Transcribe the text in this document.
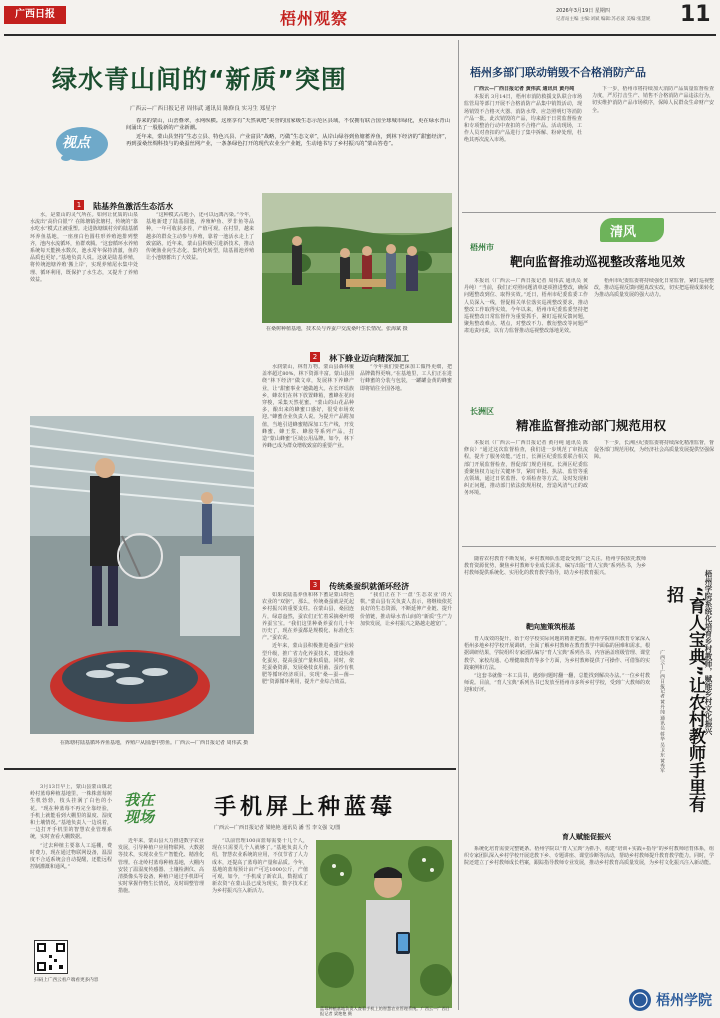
广西日报	梧州观察	2026年3月19日 星期四
记者站主编 主编:刘斌 编辑:苏必波 美编:张慧妮 11
绿水青山间的“新质”突围
广西云—广西日报记者 周伟武 通讯员 陈修良 实习生 郑星宇
视点

春来的蒙山，山峦叠翠，水网纵横。这座享有“天然氧吧”美誉的国家级生态示范区县域，不仅拥有联合国全球城市绿化，更在绿水青山间涌出了一股股新的产业新潮。

近年来，蒙山县坚持“生态立县、特色兴县、产业富县”战略，巧做“生态文章”，从岸山绿谷到鱼塘蓄养鱼，到林下经济的“甜蜜经济”，再到蚕桑丝绸科技与的桑蚕丝网产业，一条条绿色打开的现代农业全产业链，生动地书写了乡村振兴的“蒙山答卷”。

1 陆基养鱼激活生态活水

水，是蒙山的灵气所在。如何让优质的山泉水流出“高价白银”？在陈塘镇张塘村，传统的“靠水吃水”模式正被重塑。走进陈塘镇村旁的陆基循环养鱼基地，一座座白色圆柱形养殖池排列整齐，池内水流循环，鱼群欢腾。“这套循环水养殖系统每天能换水数次，池水常年保持清澈，鱼的品质也更好。”基地负责人说。这就是陆基养殖，将传统池塘养殖‘搬上岸’，实现养殖尾水集中处理、循环利用，既保护了水生态，又提升了养殖效益。

“这种模式占地小，还可以远离污染。”今年，基地新建了陆基圆池，养殖鲈鱼、罗非鱼等品种，一年可收获多茬，产值可观。在村里，越来越多的群众主动参与养殖，靠着一池活水走上了致富路。近年来，蒙山县积极引进新技术，推动传统渔业向生态化、集约化转型，陆基圆池养殖让小池塘蓄出了大效益。

在桑树种植基地，技术员与养蚕户交流桑叶生长情况。张海斌 摄
2 林下蜂业迈向精深加工

水润蒙山，林育万物。蒙山县森林覆盖率超过80%，林下资源丰富。蒙山县围绕“林下经济”做文章，发展林下养蜂产业，让“甜蜜事业”越做越大。在长坪瑶族乡，蜂农们在林下放置蜂箱，蜜蜂在花间穿梭，采集天然花蜜。“蒙山的山花品种多，酿出来的蜂蜜口感好，很受市场欢迎。”蜂蜜企业负责人说。为提升产品附加值，当地引进蜂蜜精深加工生产线，开发蜂蜜、蜂王浆、蜂胶等系列产品，打造“蒙山蜂蜜”区域公用品牌。如今，林下养蜂已成为群众增收致富的重要产业。

“今年我们要把深加工做得更细，把品牌做得更响。”在基地里，工人们正在进行蜂蜜的分装与包装，一罐罐金黄的蜂蜜即将销往全国各地。

在陈塘村陆基循环养鱼基地，养殖户从圆池中捞鱼。广西云—广西日报记者 周伟武 摄
3 传统桑蚕织就循环经济

如果说陆基养鱼和林下蜜是蒙山特色农业的“双驱”，那么，传统桑蚕就是托起乡村振兴的重要支柱。在蒙山县，桑园连片，绿意盎然，蚕农们正忙着采摘桑叶喂养蚕宝宝。“我们这里种桑养蚕有几十年历史了，现在养蚕都是规模化、标准化生产。”蚕农说。

近年来，蒙山县积极推进桑蚕产业转型升级，推广省力化养蚕技术，建设标准化蚕房，提高蚕茧产量和质量。同时，依托蚕桑资源，发展桑枝食用菌、蚕沙有机肥等循环经济项目，实现“桑—蚕—菌—肥”资源循环利用，提升产业综合效益。

“我们正在下一盘‘生态农业’的大棋。”蒙山县有关负责人表示，将继续依托良好的生态资源，不断延伸产业链、提升价值链，推动绿水青山间的“新质”生产力加快发展，让乡村振兴之路越走越宽广。

梧州多部门联动销毁不合格消防产品

广西云—广西日报记者 黄伟武 通讯员 黄丹纯

本报讯 3月14日，梧州市消防救援支队联合市场监管局等部门开展不合格消防产品集中销毁活动，现场销毁不合格灭火器、消防水带、应急照明灯等消防产品一批。此次销毁的产品，均来源于日常监督检查和专项整治行动中查扣的不合格产品。活动现场，工作人员对查扣的产品进行了集中拆解、粉碎处理，杜绝其再次流入市场。

下一步，梧州市将持续加大消防产品质量监督检查力度，严厉打击生产、销售不合格消防产品违法行为，切实维护消防产品市场秩序，保障人民群众生命财产安全。

清风
梧州市
靶向监督推动巡视整改落地见效

本报讯（广西云—广西日报记者 周伟武 通讯员 黄丹纯）“当前，我们正对照问题清单逐项推进整改，确保问题整改到位、取得实效。”近日，梧州市纪委监委工作人员深入一线，督促相关单位落实巡视整改要求，推动整改工作取得实效。今年以来，梧州市纪委监委坚持把巡视整改日常监督作为重要抓手，紧盯巡视反馈问题，聚焦整改难点、堵点，对整改不力、敷衍整改等问题严肃追责问责，以有力监督推动巡视整改落地见效。

梧州市纪委监委将持续强化日常监督，紧盯巡视整改，推动巡视反馈问题真改实改，切实把巡视成果转化为推动高质量发展的强大动力。

长洲区
精准监督推动部门规范用权

本报讯（广西云—广西日报记者 黄丹纯 通讯员 陈修良）“通过这次监督检查，我们进一步规范了审批流程，提升了服务效能。”近日，长洲区纪委监委联合相关部门开展监督检查，督促部门规范用权。长洲区纪委监委聚焦权力运行关键环节，紧盯审批、执法、监管等重点领域，通过日常监督、专项检查等方式，及时发现和纠正问题，推动部门依法依规用权，营造风清气正的政务环境。

下一步，长洲区纪委监委将持续深化精准监督，督促各部门规范用权，为经济社会高质量发展提供坚强保障。

随着农村教育不断发展，乡村教师队伍建设受到广泛关注。梧州学院依托教师教育资源优势，聚焦乡村教师专业成长需求，编写出版“育人宝典”系列丛书，为乡村教师提供系统化、实用化的教育教学指导，助力乡村教育振兴。

“育人宝典”让农村教师手里有招	梧州学院系统化培育乡村教师，赋能乡村文化振兴
广西云—广西日报记者 黄丹纯 通讯员 蒋华 吴卫东 黄秀军
靶向施策筑根基

育人成效的提升，始于对学校实际问题的精准把握。梧州学院组织教育专家深入梧州多地乡村学校开展调研，全面了解乡村教师在教育教学中面临的困难和需求。根据调研结果，学院组织专家团队编写“育人宝典”系列丛书，内容涵盖班级管理、课堂教学、家校沟通、心理健康教育等多个方面，为乡村教师提供了可操作、可借鉴的实践案例和方法。

“这套书就像一本工具书，遇到问题时翻一翻，总能找到解决办法。”一位乡村教师说。目前，“育人宝典”系列丛书已发放至梧州市多所乡村学校，受到广大教师的欢迎和好评。

育人赋能促振兴

系统化培育需要完整链条。梧州学院以“育人宝典”为抓手，构建“培训+实践+指导”的乡村教师培育体系，组织专家团队深入乡村学校开展送教下乡、专题讲座、课堂诊断等活动，帮助乡村教师提升教育教学能力。同时，学院还建立了乡村教师成长档案，跟踪指导教师专业发展，推动乡村教育高质量发展，为乡村文化振兴注入新动能。

梧州学院
我在现场	手机屏上种蓝莓
广西云—广西日报记者 梁艳艳 通讯员 潘 雪 李文强 文/图

3月13日早上，蒙山县蒙山镇北岭村蓝莓种植基地里，一株株蓝莓树生机勃勃，枝头挂满了白色的小花。“现在种蓝莓不再完全靠经验，手机上就能看到大棚里的温度、湿度和土壤情况。”基地负责人一边说着，一边打开手机里的智慧农业管理系统，实时查看大棚数据。

“过去种植主要靠人工巡棚，费时费力，现在通过物联网设备，温湿度不合适系统会自动提醒，还能远程控制灌溉和通风。”

扫码上广西云看户端看更多内容

近年来，蒙山县大力推进数字农业发展，引导种植户应用物联网、大数据等技术，实现农业生产智能化、精准化管理。在北岭村蓝莓种植基地，大棚内安装了温湿度传感器、土壤检测仪、高清摄像头等设备，种植户通过手机即可实时掌握作物生长情况，及时调整管理措施。

“以前管理100亩蓝莓需要十几个人，现在只需要几个人就够了。”基地负责人介绍，智慧农业系统的应用，不仅节省了人力成本，还提高了蓝莓的产量和品质。今年，基地的蓝莓预计亩产可达1000公斤，产值可观。如今，“手机成了新农具，数据成了新农资”在蒙山县已成为现实，数字技术正为乡村振兴注入新活力。

蓝莓种植基地负责人查看手机上的智慧农业管理系统。广西云—广西日报记者 梁艳艳 摄
